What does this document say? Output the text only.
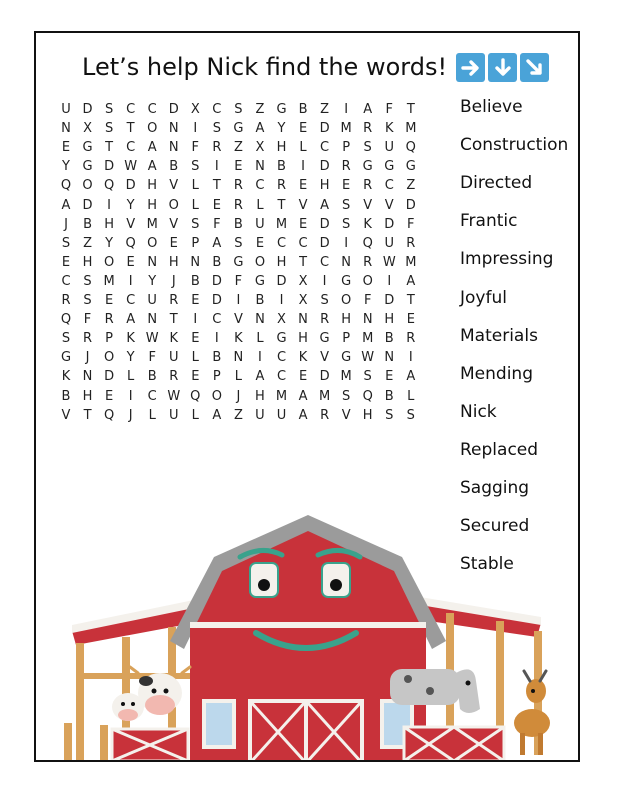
Let’s help Nick find the words!
U D S C C D X C S Z G B Z	I	A	F	T
N X S	T O N	I	S G A	Y	E D M R K M
E G T	C A N F	R Z X H	L	C	P	S U Q
Y G D W A B S	I	E N B	I	D R G G G
Q O Q D H V	L	T	R C R E H E R C Z
A D	I	Y H O L	E R	L	T	V A S V V D
J	B H V M V S	F	B U M E D S	K D F
S Z	Y Q O E	P	A S	E C C D	I	Q U R
E H O E N H N B G O H T	C N R W M
C S M	I	Y	J	B D F G D X	I	G O	I	A
R S	E C U R E D	I	B	I	X S O F D T
Q F	R A N T	I	C V N X N R H N H E
S R	P	K W K	E	I	K	L G H G P M B R
G	J	O Y	F	U	L	B N	I	C K V G W N	I
K N D L	B R E	P	L	A C E D M S	E A
B H E	I	C W Q O	J	H M A M S Q B	L
V	T Q	J	L	U	L	A Z U U A R V H S	S
Believe
Construction
Directed
Frantic
Impressing
Joyful
Materials
Mending
Nick
Replaced
Sagging
Secured
Stable
